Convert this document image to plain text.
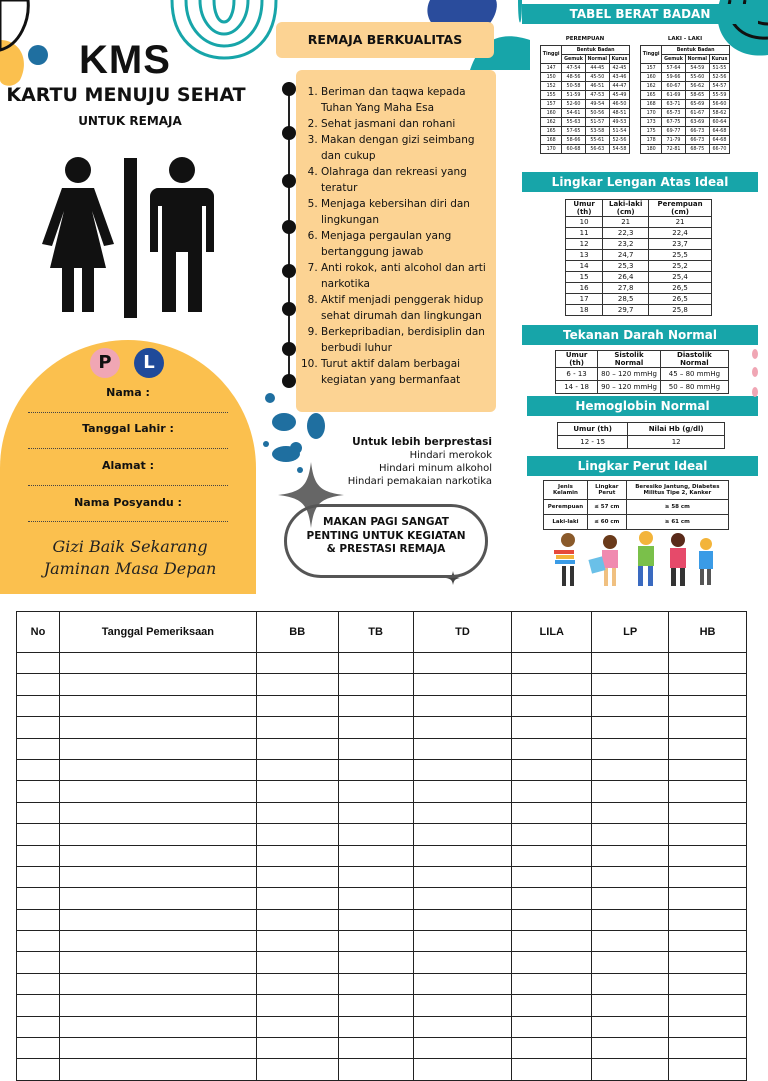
KMS
KARTU MENUJU SEHAT
UNTUK REMAJA
P	L
Nama :
Tanggal Lahir :
Alamat :
Nama Posyandu :
Gizi Baik Sekarang
Jaminan Masa Depan
REMAJA BERKUALITAS
1. Beriman dan taqwa kepada Tuhan Yang Maha Esa
2. Sehat jasmani dan rohani
3. Makan dengan gizi seimbang dan cukup
4. Olahraga dan rekreasi yang teratur
5. Menjaga kebersihan diri dan lingkungan
6. Menjaga pergaulan yang bertanggung jawab
7. Anti rokok, anti alcohol dan arti narkotika
8. Aktif menjadi penggerak hidup sehat dirumah dan lingkungan
9. Berkepribadian, berdisiplin dan berbudi luhur
10. Turut aktif dalam berbagai kegiatan yang bermanfaat
Untuk lebih berprestasi
Hindari merokok
Hindari minum alkohol
Hindari pemakaian narkotika
MAKAN PAGI SANGAT PENTING UNTUK KEGIATAN & PRESTASI REMAJA
TABEL BERAT BADAN
PEREMPUAN	LAKI - LAKI
Tinggi	Bentuk Badan		
	Gemuk	Normal	Kurus
147	47-54	44-45	42-45
150	48-56	45-50	43-46
152	50-58	46-51	44-47
155	51-59	47-53	45-49
157	52-60	49-54	46-50
160	54-61	50-56	48-51
162	55-63	51-57	49-53
165	57-65	53-58	51-54
168	58-66	55-61	52-56
170	60-68	56-63	54-58
Tinggi	Bentuk Badan		
	Gemuk	Normal	Kurus
157	57-64	54-59	51-55
160	59-66	55-60	52-56
162	60-67	56-62	54-57
165	61-69	58-65	55-59
168	63-71	65-69	56-60
170	65-73	61-67	58-62
173	67-75	63-69	60-64
175	69-77	66-73	64-68
178	71-79	66-73	64-68
180	72-81	68-75	66-70
Lingkar Lengan Atas Ideal
Umur (th)	Laki-laki (cm)	Perempuan (cm)
10	21	21
11	22,3	22,4
12	23,2	23,7
13	24,7	25,5
14	25,3	25,2
15	26,4	25,4
16	27,8	26,5
17	28,5	26,5
18	29,7	25,8
Tekanan Darah Normal
Umur (th)	Sistolik Normal	Diastolik Normal
6 - 13	80 – 120 mmHg	45 – 80 mmHg
14 - 18	90 – 120 mmHg	50 – 80 mmHg
Hemoglobin Normal
Umur (th)	Nilai Hb (g/dl)
12 - 15	12
Lingkar Perut Ideal
Jenis Kelamin	Lingkar Perut	Beresiko Jantung, Diabetes Militus Tipe 2, Kanker
Perempuan	≤ 57 cm	≥ 58 cm
Laki-laki	≤ 60 cm	≥ 61 cm
No	Tanggal Pemeriksaan	BB	TB	TD	LILA	LP	HB
